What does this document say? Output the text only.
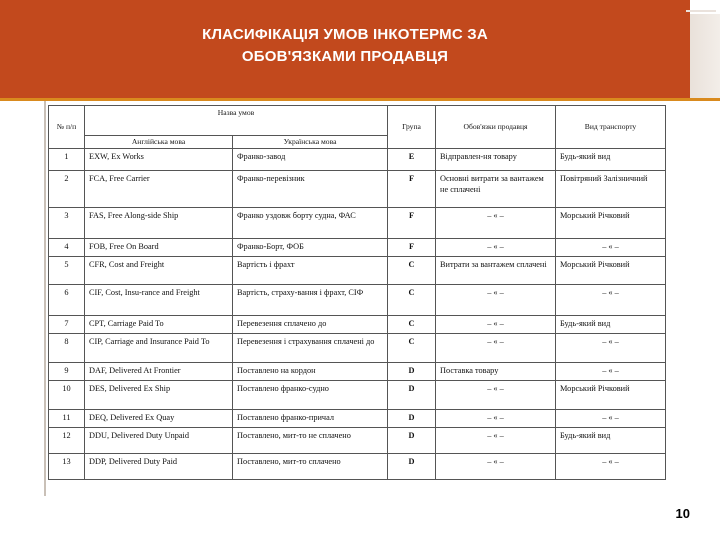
КЛАСИФІКАЦІЯ УМОВ ІНКОТЕРМС ЗА
ОБОВ'ЯЗКАМИ ПРОДАВЦЯ
№ п/п	Назва умов		Група	Обов'язки продавця	Вид транспорту
	Англійська мова	Українська мова			
1	EXW, Ex Works	Франко-завод	E	Відправлен-ня товару	Будь-який вид
2	FCA, Free Carrier	Франко-перевізник	F	Основні витрати за вантажем не сплачені	Повітряний Залізничний
3	FAS, Free Along-side Ship	Франко уздовж борту судна, ФАС	F	– « –	Морський Річковий
4	FOB, Free On Board	Франко-Борт, ФОБ	F	– « –	– « –
5	CFR, Cost and Freight	Вартість і фрахт	C	Витрати за вантажем сплачені	Морський Річковий
6	CIF, Cost, Insu-rance and Freight	Вартість, страху-вання і фрахт, СІФ	C	– « –	– « –
7	CPT, Carriage Paid To	Перевезення сплачено до	C	– « –	Будь-який вид
8	CIP, Carriage and Insurance Paid To	Перевезення і страхування сплачені до	C	– « –	– « –
9	DAF, Delivered At Frontier	Поставлено на кордон	D	Поставка товару	– « –
10	DES, Delivered Ex Ship	Поставлено франко-судно	D	– « –	Морський Річковий
11	DEQ, Delivered Ex Quay	Поставлено франко-причал	D	– « –	– « –
12	DDU, Delivered Duty Unpaid	Поставлено, мит-то не сплачено	D	– « –	Будь-який вид
13	DDP, Delivered Duty Paid	Поставлено, мит-то сплачено	D	– « –	– « –
10
